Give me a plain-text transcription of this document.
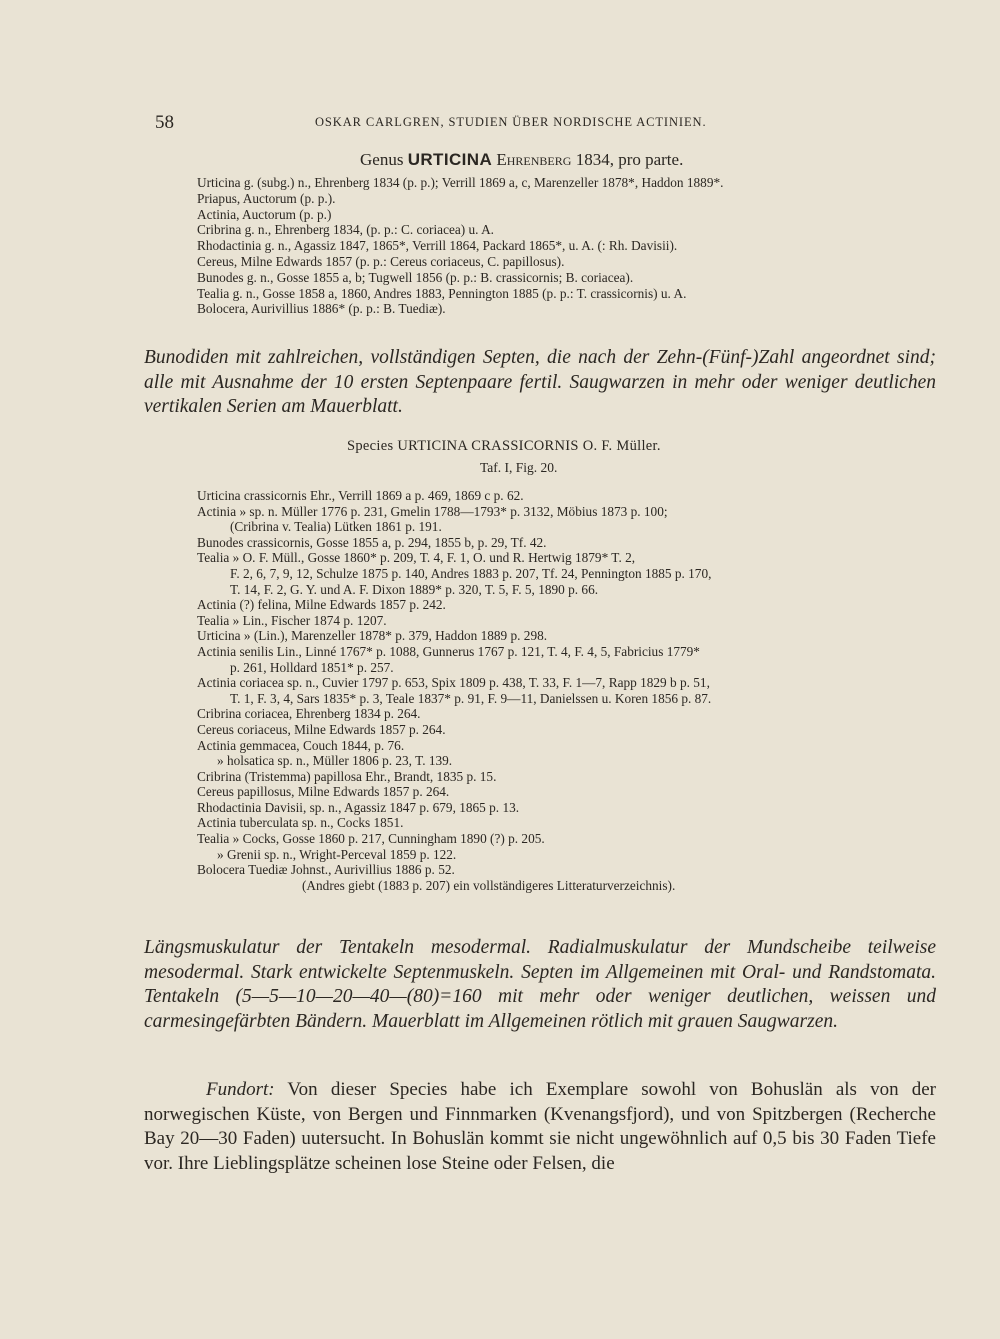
58	OSKAR CARLGREN, STUDIEN ÜBER NORDISCHE ACTINIEN.
Genus URTICINA Ehrenberg 1834, pro parte.
Urticina g. (subg.) n., Ehrenberg 1834 (p. p.); Verrill 1869 a, c, Marenzeller 1878*, Haddon 1889*.
Priapus, Auctorum (p. p.).
Actinia, Auctorum (p. p.)
Cribrina g. n., Ehrenberg 1834, (p. p.: C. coriacea) u. A.
Rhodactinia g. n., Agassiz 1847, 1865*, Verrill 1864, Packard 1865*, u. A. (: Rh. Davisii).
Cereus, Milne Edwards 1857 (p. p.: Cereus coriaceus, C. papillosus).
Bunodes g. n., Gosse 1855 a, b; Tugwell 1856 (p. p.: B. crassicornis; B. coriacea).
Tealia g. n., Gosse 1858 a, 1860, Andres 1883, Pennington 1885 (p. p.: T. crassicornis) u. A.
Bolocera, Aurivillius 1886* (p. p.: B. Tuediæ).

Bunodiden mit zahlreichen, vollständigen Septen, die nach der Zehn-(Fünf-)Zahl angeordnet sind; alle mit Ausnahme der 10 ersten Septenpaare fertil. Saugwarzen in mehr oder weniger deutlichen vertikalen Serien am Mauerblatt.

Species URTICINA CRASSICORNIS O. F. Müller.
Taf. I, Fig. 20.
Urticina crassicornis Ehr., Verrill 1869 a p. 469, 1869 c p. 62.
Actinia » sp. n. Müller 1776 p. 231, Gmelin 1788—1793* p. 3132, Möbius 1873 p. 100;
(Cribrina v. Tealia) Lütken 1861 p. 191.
Bunodes crassicornis, Gosse 1855 a, p. 294, 1855 b, p. 29, Tf. 42.
Tealia » O. F. Müll., Gosse 1860* p. 209, T. 4, F. 1, O. und R. Hertwig 1879* T. 2,
F. 2, 6, 7, 9, 12, Schulze 1875 p. 140, Andres 1883 p. 207, Tf. 24, Pennington 1885 p. 170,
T. 14, F. 2, G. Y. und A. F. Dixon 1889* p. 320, T. 5, F. 5, 1890 p. 66.
Actinia (?) felina, Milne Edwards 1857 p. 242.
Tealia » Lin., Fischer 1874 p. 1207.
Urticina » (Lin.), Marenzeller 1878* p. 379, Haddon 1889 p. 298.
Actinia senilis Lin., Linné 1767* p. 1088, Gunnerus 1767 p. 121, T. 4, F. 4, 5, Fabricius 1779*
p. 261, Holldard 1851* p. 257.
Actinia coriacea sp. n., Cuvier 1797 p. 653, Spix 1809 p. 438, T. 33, F. 1—7, Rapp 1829 b p. 51,
T. 1, F. 3, 4, Sars 1835* p. 3, Teale 1837* p. 91, F. 9—11, Danielssen u. Koren 1856 p. 87.
Cribrina coriacea, Ehrenberg 1834 p. 264.
Cereus coriaceus, Milne Edwards 1857 p. 264.
Actinia gemmacea, Couch 1844, p. 76.
» holsatica sp. n., Müller 1806 p. 23, T. 139.
Cribrina (Tristemma) papillosa Ehr., Brandt, 1835 p. 15.
Cereus papillosus, Milne Edwards 1857 p. 264.
Rhodactinia Davisii, sp. n., Agassiz 1847 p. 679, 1865 p. 13.
Actinia tuberculata sp. n., Cocks 1851.
Tealia » Cocks, Gosse 1860 p. 217, Cunningham 1890 (?) p. 205.
» Grenii sp. n., Wright-Perceval 1859 p. 122.
Bolocera Tuediæ Johnst., Aurivillius 1886 p. 52.
(Andres giebt (1883 p. 207) ein vollständigeres Litteraturverzeichnis).

Längsmuskulatur der Tentakeln mesodermal. Radialmuskulatur der Mundscheibe teilweise mesodermal. Stark entwickelte Septenmuskeln. Septen im Allgemeinen mit Oral- und Randstomata. Tentakeln (5—5—10—20—40—(80)=160 mit mehr oder weniger deutlichen, weissen und carmesingefärbten Bändern. Mauerblatt im Allgemeinen rötlich mit grauen Saugwarzen.

Fundort: Von dieser Species habe ich Exemplare sowohl von Bohuslän als von der norwegischen Küste, von Bergen und Finnmarken (Kvenangsfjord), und von Spitzbergen (Recherche Bay 20—30 Faden) uutersucht. In Bohuslän kommt sie nicht ungewöhnlich auf 0,5 bis 30 Faden Tiefe vor. Ihre Lieblingsplätze scheinen lose Steine oder Felsen, die
